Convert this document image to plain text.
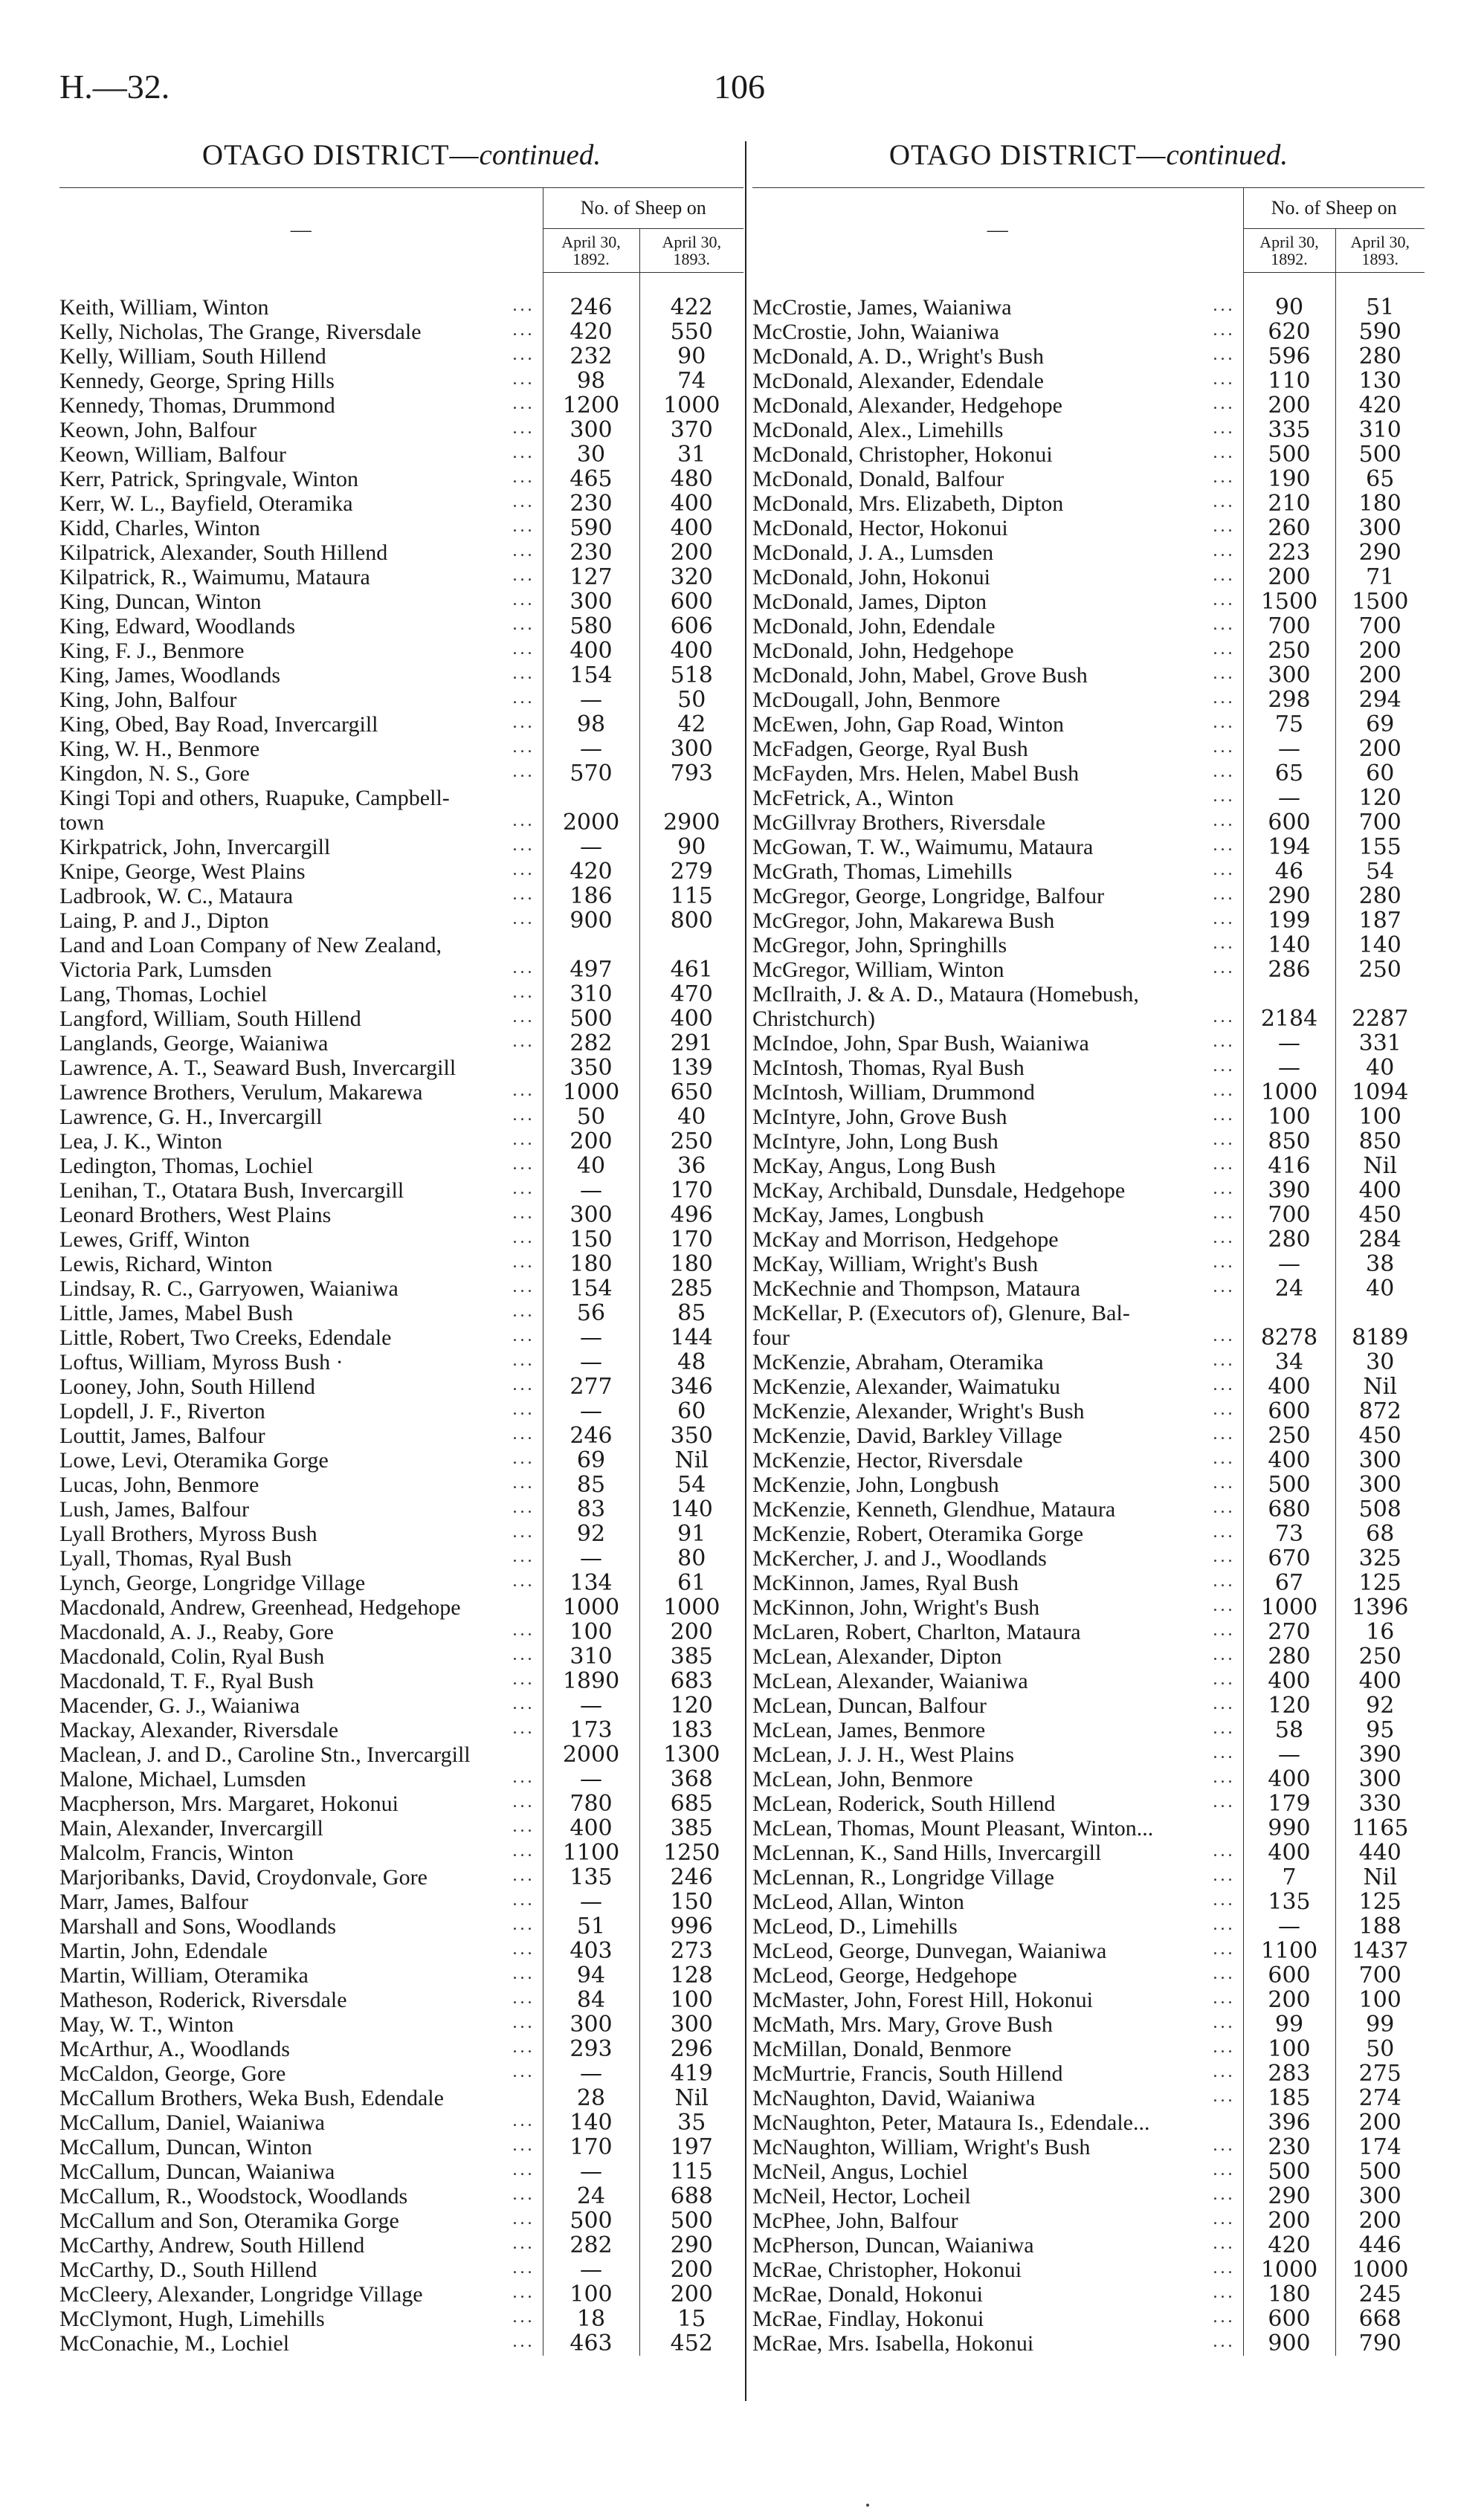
H.—32.	106
OTAGO DISTRICT—continued.
—	No. of Sheep on	
	April 30,
1892.	April 30,
1893.

Keith, William, Winton ...	246	422
Kelly, Nicholas, The Grange, Riversdale ...	420	550
Kelly, William, South Hillend ...	232	90
Kennedy, George, Spring Hills ...	98	74
Kennedy, Thomas, Drummond ...	1200	1000
Keown, John, Balfour ...	300	370
Keown, William, Balfour ...	30	31
Kerr, Patrick, Springvale, Winton ...	465	480
Kerr, W. L., Bayfield, Oteramika ...	230	400
Kidd, Charles, Winton ...	590	400
Kilpatrick, Alexander, South Hillend ...	230	200
Kilpatrick, R., Waimumu, Mataura ...	127	320
King, Duncan, Winton ...	300	600
King, Edward, Woodlands ...	580	606
King, F. J., Benmore ...	400	400
King, James, Woodlands ...	154	518
King, John, Balfour ...	—	50
King, Obed, Bay Road, Invercargill ...	98	42
King, W. H., Benmore ...	—	300
Kingdon, N. S., Gore ...	570	793
Kingi Topi and others, Ruapuke, Campbell-		
town ...	2000	2900
Kirkpatrick, John, Invercargill ...	—	90
Knipe, George, West Plains ...	420	279
Ladbrook, W. C., Mataura ...	186	115
Laing, P. and J., Dipton ...	900	800
Land and Loan Company of New Zealand,		
Victoria Park, Lumsden ...	497	461
Lang, Thomas, Lochiel ...	310	470
Langford, William, South Hillend ...	500	400
Langlands, George, Waianiwa ...	282	291
Lawrence, A. T., Seaward Bush, Invercargill	350	139
Lawrence Brothers, Verulum, Makarewa ...	1000	650
Lawrence, G. H., Invercargill ...	50	40
Lea, J. K., Winton ...	200	250
Ledington, Thomas, Lochiel ...	40	36
Lenihan, T., Otatara Bush, Invercargill ...	—	170
Leonard Brothers, West Plains ...	300	496
Lewes, Griff, Winton ...	150	170
Lewis, Richard, Winton ...	180	180
Lindsay, R. C., Garryowen, Waianiwa ...	154	285
Little, James, Mabel Bush ...	56	85
Little, Robert, Two Creeks, Edendale ...	—	144
Loftus, William, Myross Bush · ...	—	48
Looney, John, South Hillend ...	277	346
Lopdell, J. F., Riverton ...	—	60
Louttit, James, Balfour ...	246	350
Lowe, Levi, Oteramika Gorge ...	69	Nil
Lucas, John, Benmore ...	85	54
Lush, James, Balfour ...	83	140
Lyall Brothers, Myross Bush ...	92	91
Lyall, Thomas, Ryal Bush ...	—	80
Lynch, George, Longridge Village ...	134	61
Macdonald, Andrew, Greenhead, Hedgehope	1000	1000
Macdonald, A. J., Reaby, Gore ...	100	200
Macdonald, Colin, Ryal Bush ...	310	385
Macdonald, T. F., Ryal Bush ...	1890	683
Macender, G. J., Waianiwa ...	—	120
Mackay, Alexander, Riversdale ...	173	183
Maclean, J. and D., Caroline Stn., Invercargill	2000	1300
Malone, Michael, Lumsden ...	—	368
Macpherson, Mrs. Margaret, Hokonui ...	780	685
Main, Alexander, Invercargill ...	400	385
Malcolm, Francis, Winton ...	1100	1250
Marjoribanks, David, Croydonvale, Gore ...	135	246
Marr, James, Balfour ...	—	150
Marshall and Sons, Woodlands ...	51	996
Martin, John, Edendale ...	403	273
Martin, William, Oteramika ...	94	128
Matheson, Roderick, Riversdale ...	84	100
May, W. T., Winton ...	300	300
McArthur, A., Woodlands ...	293	296
McCaldon, George, Gore ...	—	419
McCallum Brothers, Weka Bush, Edendale	28	Nil
McCallum, Daniel, Waianiwa ...	140	35
McCallum, Duncan, Winton ...	170	197
McCallum, Duncan, Waianiwa ...	—	115
McCallum, R., Woodstock, Woodlands ...	24	688
McCallum and Son, Oteramika Gorge ...	500	500
McCarthy, Andrew, South Hillend ...	282	290
McCarthy, D., South Hillend ...	—	200
McCleery, Alexander, Longridge Village ...	100	200
McClymont, Hugh, Limehills ...	18	15
McConachie, M., Lochiel ...	463	452
OTAGO DISTRICT—continued.
—	No. of Sheep on	
	April 30,
1892.	April 30,
1893.

McCrostie, James, Waianiwa ...	90	51
McCrostie, John, Waianiwa ...	620	590
McDonald, A. D., Wright's Bush ...	596	280
McDonald, Alexander, Edendale ...	110	130
McDonald, Alexander, Hedgehope ...	200	420
McDonald, Alex., Limehills ...	335	310
McDonald, Christopher, Hokonui ...	500	500
McDonald, Donald, Balfour ...	190	65
McDonald, Mrs. Elizabeth, Dipton ...	210	180
McDonald, Hector, Hokonui ...	260	300
McDonald, J. A., Lumsden ...	223	290
McDonald, John, Hokonui ...	200	71
McDonald, James, Dipton ...	1500	1500
McDonald, John, Edendale ...	700	700
McDonald, John, Hedgehope ...	250	200
McDonald, John, Mabel, Grove Bush ...	300	200
McDougall, John, Benmore ...	298	294
McEwen, John, Gap Road, Winton ...	75	69
McFadgen, George, Ryal Bush ...	—	200
McFayden, Mrs. Helen, Mabel Bush ...	65	60
McFetrick, A., Winton ...	—	120
McGillvray Brothers, Riversdale ...	600	700
McGowan, T. W., Waimumu, Mataura ...	194	155
McGrath, Thomas, Limehills ...	46	54
McGregor, George, Longridge, Balfour ...	290	280
McGregor, John, Makarewa Bush ...	199	187
McGregor, John, Springhills ...	140	140
McGregor, William, Winton ...	286	250
McIlraith, J. & A. D., Mataura (Homebush,		
Christchurch) ...	2184	2287
McIndoe, John, Spar Bush, Waianiwa ...	—	331
McIntosh, Thomas, Ryal Bush ...	—	40
McIntosh, William, Drummond ...	1000	1094
McIntyre, John, Grove Bush ...	100	100
McIntyre, John, Long Bush ...	850	850
McKay, Angus, Long Bush ...	416	Nil
McKay, Archibald, Dunsdale, Hedgehope ...	390	400
McKay, James, Longbush ...	700	450
McKay and Morrison, Hedgehope ...	280	284
McKay, William, Wright's Bush ...	—	38
McKechnie and Thompson, Mataura ...	24	40
McKellar, P. (Executors of), Glenure, Bal-		
four ...	8278	8189
McKenzie, Abraham, Oteramika ...	34	30
McKenzie, Alexander, Waimatuku ...	400	Nil
McKenzie, Alexander, Wright's Bush ...	600	872
McKenzie, David, Barkley Village ...	250	450
McKenzie, Hector, Riversdale ...	400	300
McKenzie, John, Longbush ...	500	300
McKenzie, Kenneth, Glendhue, Mataura ...	680	508
McKenzie, Robert, Oteramika Gorge ...	73	68
McKercher, J. and J., Woodlands ...	670	325
McKinnon, James, Ryal Bush ...	67	125
McKinnon, John, Wright's Bush ...	1000	1396
McLaren, Robert, Charlton, Mataura ...	270	16
McLean, Alexander, Dipton ...	280	250
McLean, Alexander, Waianiwa ...	400	400
McLean, Duncan, Balfour ...	120	92
McLean, James, Benmore ...	58	95
McLean, J. J. H., West Plains ...	—	390
McLean, John, Benmore ...	400	300
McLean, Roderick, South Hillend ...	179	330
McLean, Thomas, Mount Pleasant, Winton...	990	1165
McLennan, K., Sand Hills, Invercargill ...	400	440
McLennan, R., Longridge Village ...	7	Nil
McLeod, Allan, Winton ...	135	125
McLeod, D., Limehills ...	—	188
McLeod, George, Dunvegan, Waianiwa ...	1100	1437
McLeod, George, Hedgehope ...	600	700
McMaster, John, Forest Hill, Hokonui ...	200	100
McMath, Mrs. Mary, Grove Bush ...	99	99
McMillan, Donald, Benmore ...	100	50
McMurtrie, Francis, South Hillend ...	283	275
McNaughton, David, Waianiwa ...	185	274
McNaughton, Peter, Mataura Is., Edendale...	396	200
McNaughton, William, Wright's Bush ...	230	174
McNeil, Angus, Lochiel ...	500	500
McNeil, Hector, Locheil ...	290	300
McPhee, John, Balfour ...	200	200
McPherson, Duncan, Waianiwa ...	420	446
McRae, Christopher, Hokonui ...	1000	1000
McRae, Donald, Hokonui ...	180	245
McRae, Findlay, Hokonui ...	600	668
McRae, Mrs. Isabella, Hokonui ...	900	790
